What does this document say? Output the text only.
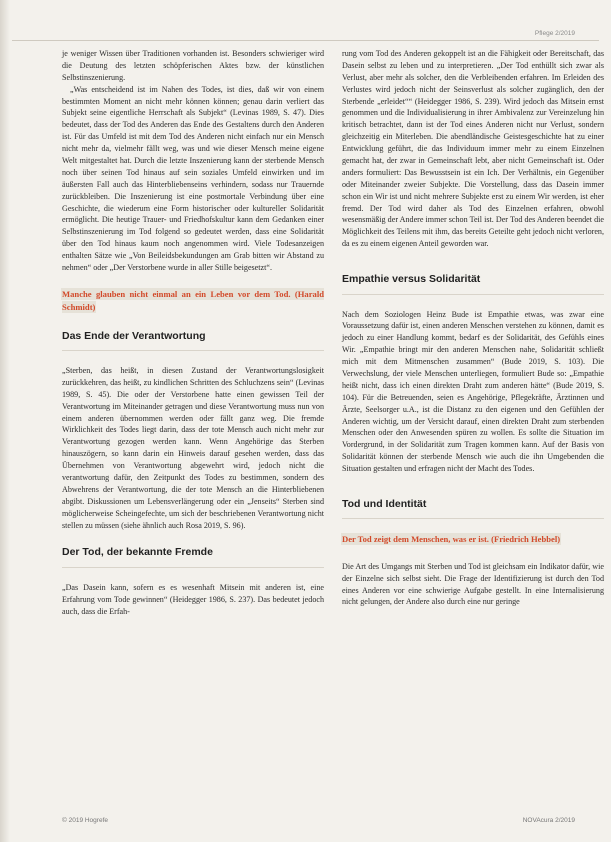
Pflege 2/2019

je weniger Wissen über Traditionen vorhanden ist. Besonders schwieriger wird die Deutung des letzten schöpferischen Aktes bzw. der künstlichen Selbstinszenierung.

„Was entscheidend ist im Nahen des Todes, ist dies, daß wir von einem bestimmten Moment an nicht mehr können können; genau darin verliert das Subjekt seine eigentliche Herrschaft als Subjekt“ (Levinas 1989, S. 47). Dies bedeutet, dass der Tod des Anderen das Ende des Gestaltens durch den Anderen ist. Für das Umfeld ist mit dem Tod des Anderen nicht einfach nur ein Mensch nicht mehr da, vielmehr fällt weg, was und wie dieser Mensch meine eigene Welt mitgestaltet hat. Durch die letzte Inszenierung kann der sterbende Mensch noch über seinen Tod hinaus auf sein soziales Umfeld einwirken und im äußersten Fall auch das Hinterbliebenseins verhindern, sodass nur Trauernde zurückbleiben. Die Inszenierung ist eine postmortale Verbindung über eine Geschichte, die wiederum eine Form historischer oder kultureller Solidarität ermöglicht. Die heutige Trauer- und Friedhofskultur kann dem Gedanken einer Selbstinszenierung im Tod folgend so gedeutet werden, dass eine Solidarität über den Tod hinaus kaum noch angenommen wird. Viele Todesanzeigen enthalten Sätze wie „Von Beileidsbekundungen am Grab bitten wir Abstand zu nehmen“ oder „Der Verstorbene wurde in aller Stille beigesetzt“.

Manche glauben nicht einmal an ein Leben vor dem Tod. (Harald Schmidt)
Das Ende der Verantwortung

„Sterben, das heißt, in diesen Zustand der Verantwortungslosigkeit zurückkehren, das heißt, zu kindlichen Schritten des Schluchzens sein“ (Levinas 1989, S. 45). Die oder der Verstorbene hatte einen gewissen Teil der Verantwortung im Miteinander getragen und diese Verantwortung muss nun von einem anderen übernommen werden oder fällt ganz weg. Die fremde Wirklichkeit des Todes liegt darin, dass der tote Mensch auch nicht mehr zur Verantwortung gezogen werden kann. Wenn Angehörige das Sterben hinauszögern, so kann darin ein Hinweis darauf gesehen werden, dass das Übernehmen von Verantwortung abgewehrt wird, jedoch nicht die verantwortung dafür, den Zeitpunkt des Todes zu bestimmen, sondern des Abwehrens der Verantwortung, die der tote Mensch an die Hinterbliebenen abgibt. Diskussionen um Lebensverlängerung oder ein „Jenseits“ Sterben sind möglicherweise Scheingefechte, um sich der beschriebenen Verantwortung nicht stellen zu müssen (siehe ähnlich auch Rosa 2019, S. 96).

Der Tod, der bekannte Fremde

„Das Dasein kann, sofern es es wesenhaft Mitsein mit anderen ist, eine Erfahrung vom Tode gewinnen“ (Heidegger 1986, S. 237). Das bedeutet jedoch auch, dass die Erfah-

rung vom Tod des Anderen gekoppelt ist an die Fähigkeit oder Bereitschaft, das Dasein selbst zu leben und zu interpretieren. „Der Tod enthüllt sich zwar als Verlust, aber mehr als solcher, den die Verbleibenden erfahren. Im Erleiden des Verlustes wird jedoch nicht der Seinsverlust als solcher zugänglich, den der Sterbende „erleidet““ (Heidegger 1986, S. 239). Wird jedoch das Mitsein ernst genommen und die Individualisierung in ihrer Ambivalenz zur Vereinzelung hin kritisch betrachtet, dann ist der Tod eines Anderen nicht nur Verlust, sondern gleichzeitig ein Miterleben. Die abendländische Geistesgeschichte hat zu einer Entwicklung geführt, die das Individuum immer mehr zu einem Einzelnen gemacht hat, der zwar in Gemeinschaft lebt, aber nicht Gemeinschaft ist. Oder anders formuliert: Das Bewusstsein ist ein Ich. Der Verhältnis, ein Gegenüber oder Miteinander zweier Subjekte. Die Vorstellung, dass das Dasein immer schon ein Wir ist und nicht mehrere Subjekte erst zu einem Wir werden, ist eher fremd. Der Tod wird daher als Tod des Einzelnen erfahren, obwohl wesensmäßig der Andere immer schon Teil ist. Der Tod des Anderen beendet die Möglichkeit des Teilens mit ihm, das bereits Geteilte geht jedoch nicht verloren, da es zu einem eigenen Anteil geworden war.

Empathie versus Solidarität

Nach dem Soziologen Heinz Bude ist Empathie etwas, was zwar eine Voraussetzung dafür ist, einen anderen Menschen verstehen zu können, damit es jedoch zu einer Handlung kommt, bedarf es der Solidarität, des Gefühls eines Wir. „Empathie bringt mir den anderen Menschen nahe, Solidarität schließt mich mit dem Mitmenschen zusammen“ (Bude 2019, S. 103). Die Verwechslung, der viele Menschen unterliegen, formuliert Bude so: „Empathie heißt nicht, dass ich einen direkten Draht zum anderen hätte“ (Bude 2019, S. 104). Für die Betreuenden, seien es Angehörige, Pflegekräfte, Ärztinnen und Ärzte, Seelsorger u.A., ist die Distanz zu den eigenen und den Gefühlen der Anderen wichtig, um der Versicht darauf, einen direkten Draht zum sterbenden Menschen oder den Anwesenden spüren zu wollen. Es sollte die Situation im Vordergrund, in der Solidarität zum Tragen kommen kann. Auf der Basis von Solidarität können der sterbende Mensch wie auch die ihn Umgebenden die Situation gestalten und erfragen nicht der Macht des Todes.

Tod und Identität
Der Tod zeigt dem Menschen, was er ist. (Friedrich Hebbel)

Die Art des Umgangs mit Sterben und Tod ist gleichsam ein Indikator dafür, wie der Einzelne sich selbst sieht. Die Frage der Identifizierung ist durch den Tod eines Anderen vor eine schwierige Aufgabe gestellt. In eine Internalisierung nicht gelungen, der Andere also durch eine nur geringe

© 2019 Hogrefe	NOVAcura 2/2019
